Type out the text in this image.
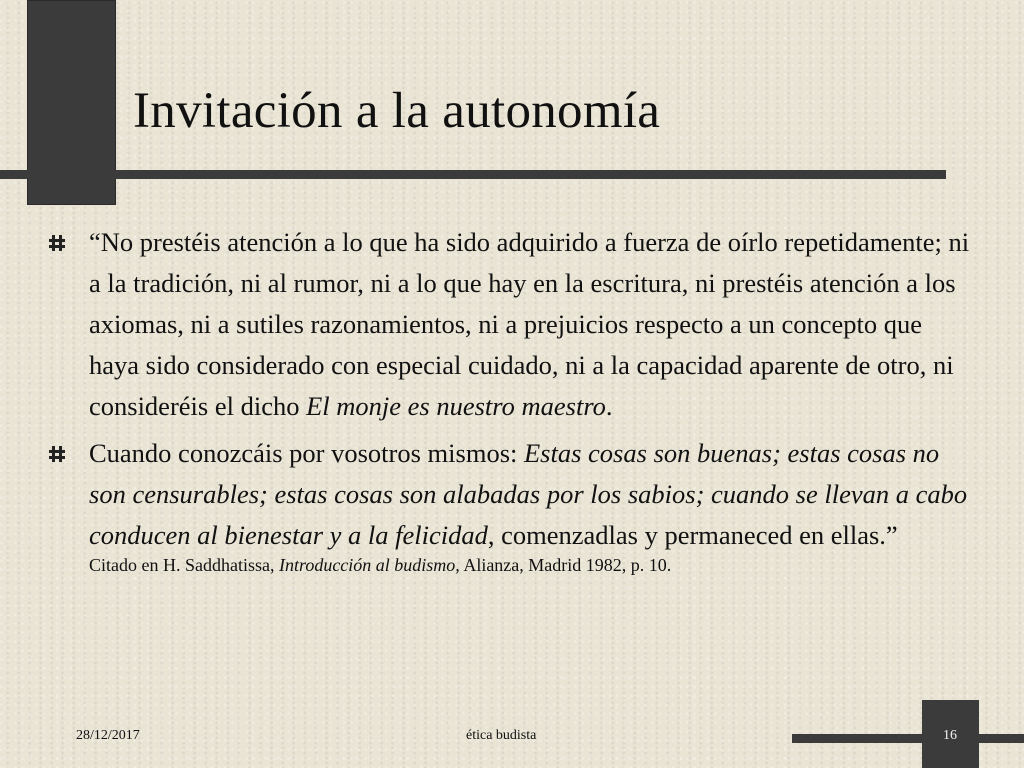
Invitación a la autonomía
“No prestéis atención a lo que ha sido adquirido a fuerza de oírlo repetidamente; ni a la tradición, ni al rumor, ni a lo que hay en la escritura, ni prestéis atención a los axiomas, ni a sutiles razonamientos, ni a prejuicios respecto a un concepto que haya sido considerado con especial cuidado, ni a la capacidad aparente de otro, ni consideréis el dicho El monje es nuestro maestro.
Cuando conozcáis por vosotros mismos: Estas cosas son buenas; estas cosas no son censurables; estas cosas son alabadas por los sabios; cuando se llevan a cabo conducen al bienestar y a la felicidad, comenzadlas y permaneced en ellas.”
Citado en H. Saddhatissa, Introducción al budismo, Alianza, Madrid 1982, p. 10.
28/12/2017	ética budista	16
